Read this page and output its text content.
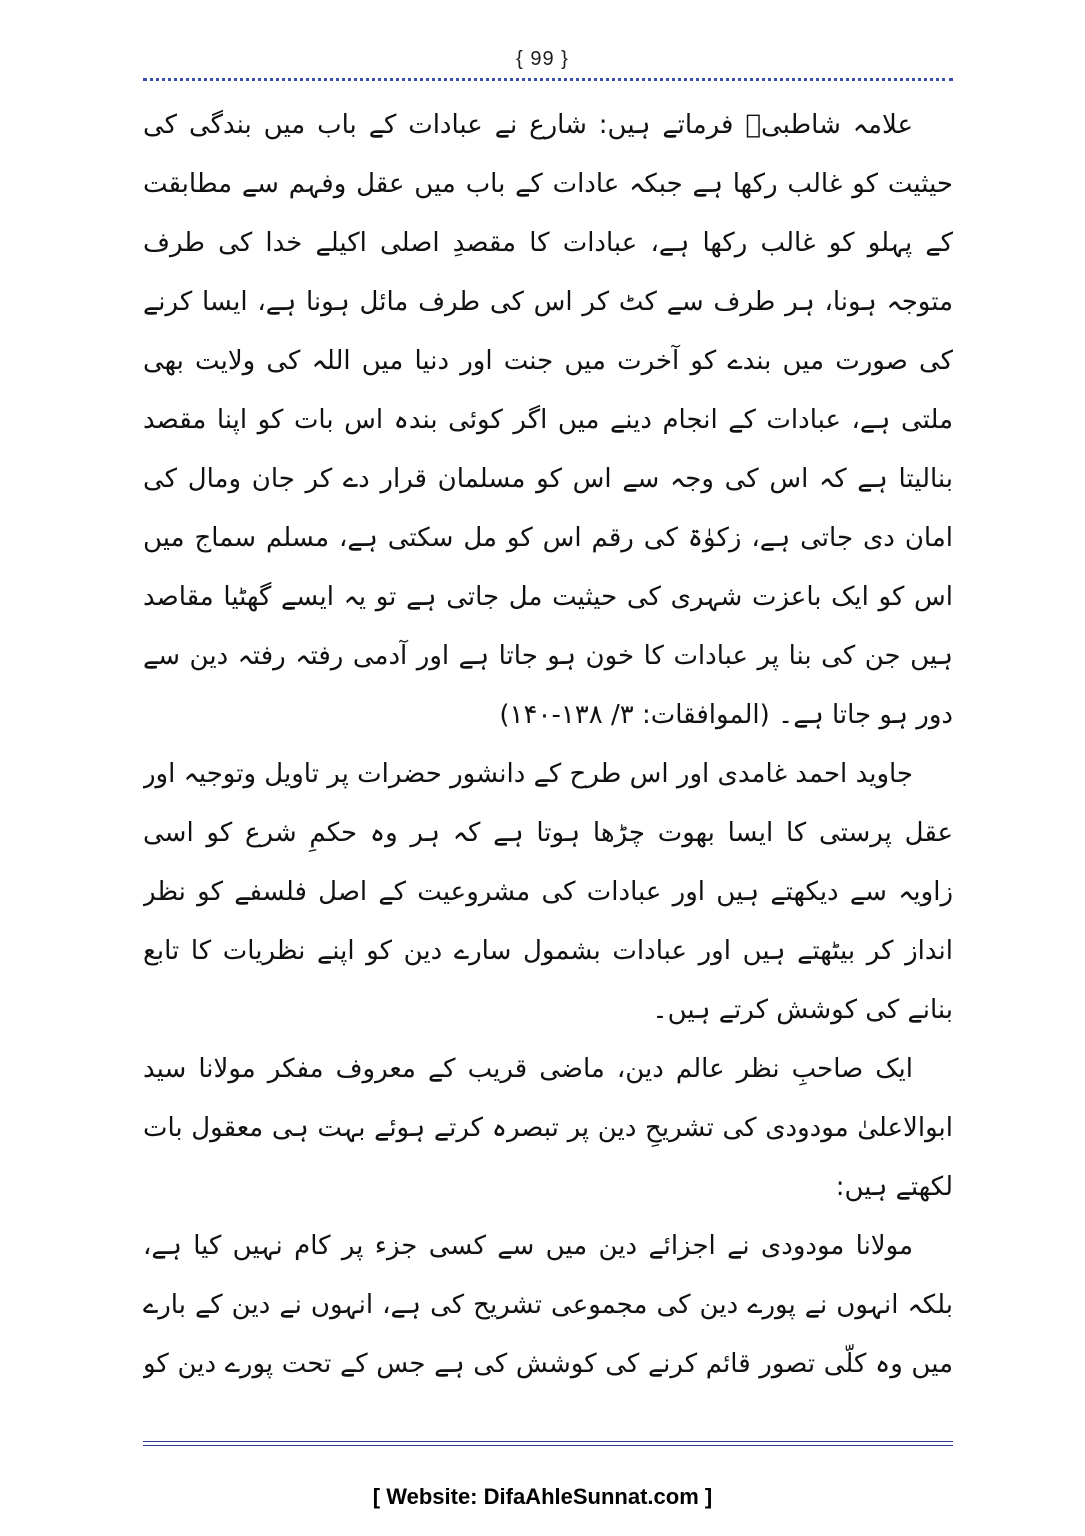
{ 99 }

علامہ شاطبیؒ فرماتے ہیں: شارع نے عبادات کے باب میں بندگی کی حیثیت کو غالب رکھا ہے جبکہ عادات کے باب میں عقل وفہم سے مطابقت کے پہلو کو غالب رکھا ہے، عبادات کا مقصدِ اصلی اکیلے خدا کی طرف متوجہ ہونا، ہر طرف سے کٹ کر اس کی طرف مائل ہونا ہے، ایسا کرنے کی صورت میں بندے کو آخرت میں جنت اور دنیا میں اللہ کی ولایت بھی ملتی ہے، عبادات کے انجام دینے میں اگر کوئی بندہ اس بات کو اپنا مقصد بنالیتا ہے کہ اس کی وجہ سے اس کو مسلمان قرار دے کر جان ومال کی امان دی جاتی ہے، زکوٰۃ کی رقم اس کو مل سکتی ہے، مسلم سماج میں اس کو ایک باعزت شہری کی حیثیت مل جاتی ہے تو یہ ایسے گھٹیا مقاصد ہیں جن کی بنا پر عبادات کا خون ہو جاتا ہے اور آدمی رفتہ رفتہ دین سے دور ہو جاتا ہے۔ (الموافقات: ۳/ ۱۳۸-۱۴۰)

جاوید احمد غامدی اور اس طرح کے دانشور حضرات پر تاویل وتوجیہ اور عقل پرستی کا ایسا بھوت چڑھا ہوتا ہے کہ ہر وہ حکمِ شرع کو اسی زاویہ سے دیکھتے ہیں اور عبادات کی مشروعیت کے اصل فلسفے کو نظر انداز کر بیٹھتے ہیں اور عبادات بشمول سارے دین کو اپنے نظریات کا تابع بنانے کی کوشش کرتے ہیں۔

ایک صاحبِ نظر عالم دین، ماضی قریب کے معروف مفکر مولانا سید ابوالاعلیٰ مودودی کی تشریحِ دین پر تبصرہ کرتے ہوئے بہت ہی معقول بات لکھتے ہیں:

مولانا مودودی نے اجزائے دین میں سے کسی جزء پر کام نہیں کیا ہے، بلکہ انہوں نے پورے دین کی مجموعی تشریح کی ہے، انہوں نے دین کے بارے میں وہ کلّی تصور قائم کرنے کی کوشش کی ہے جس کے تحت پورے دین کو

[ Website: DifaAhleSunnat.com ]
